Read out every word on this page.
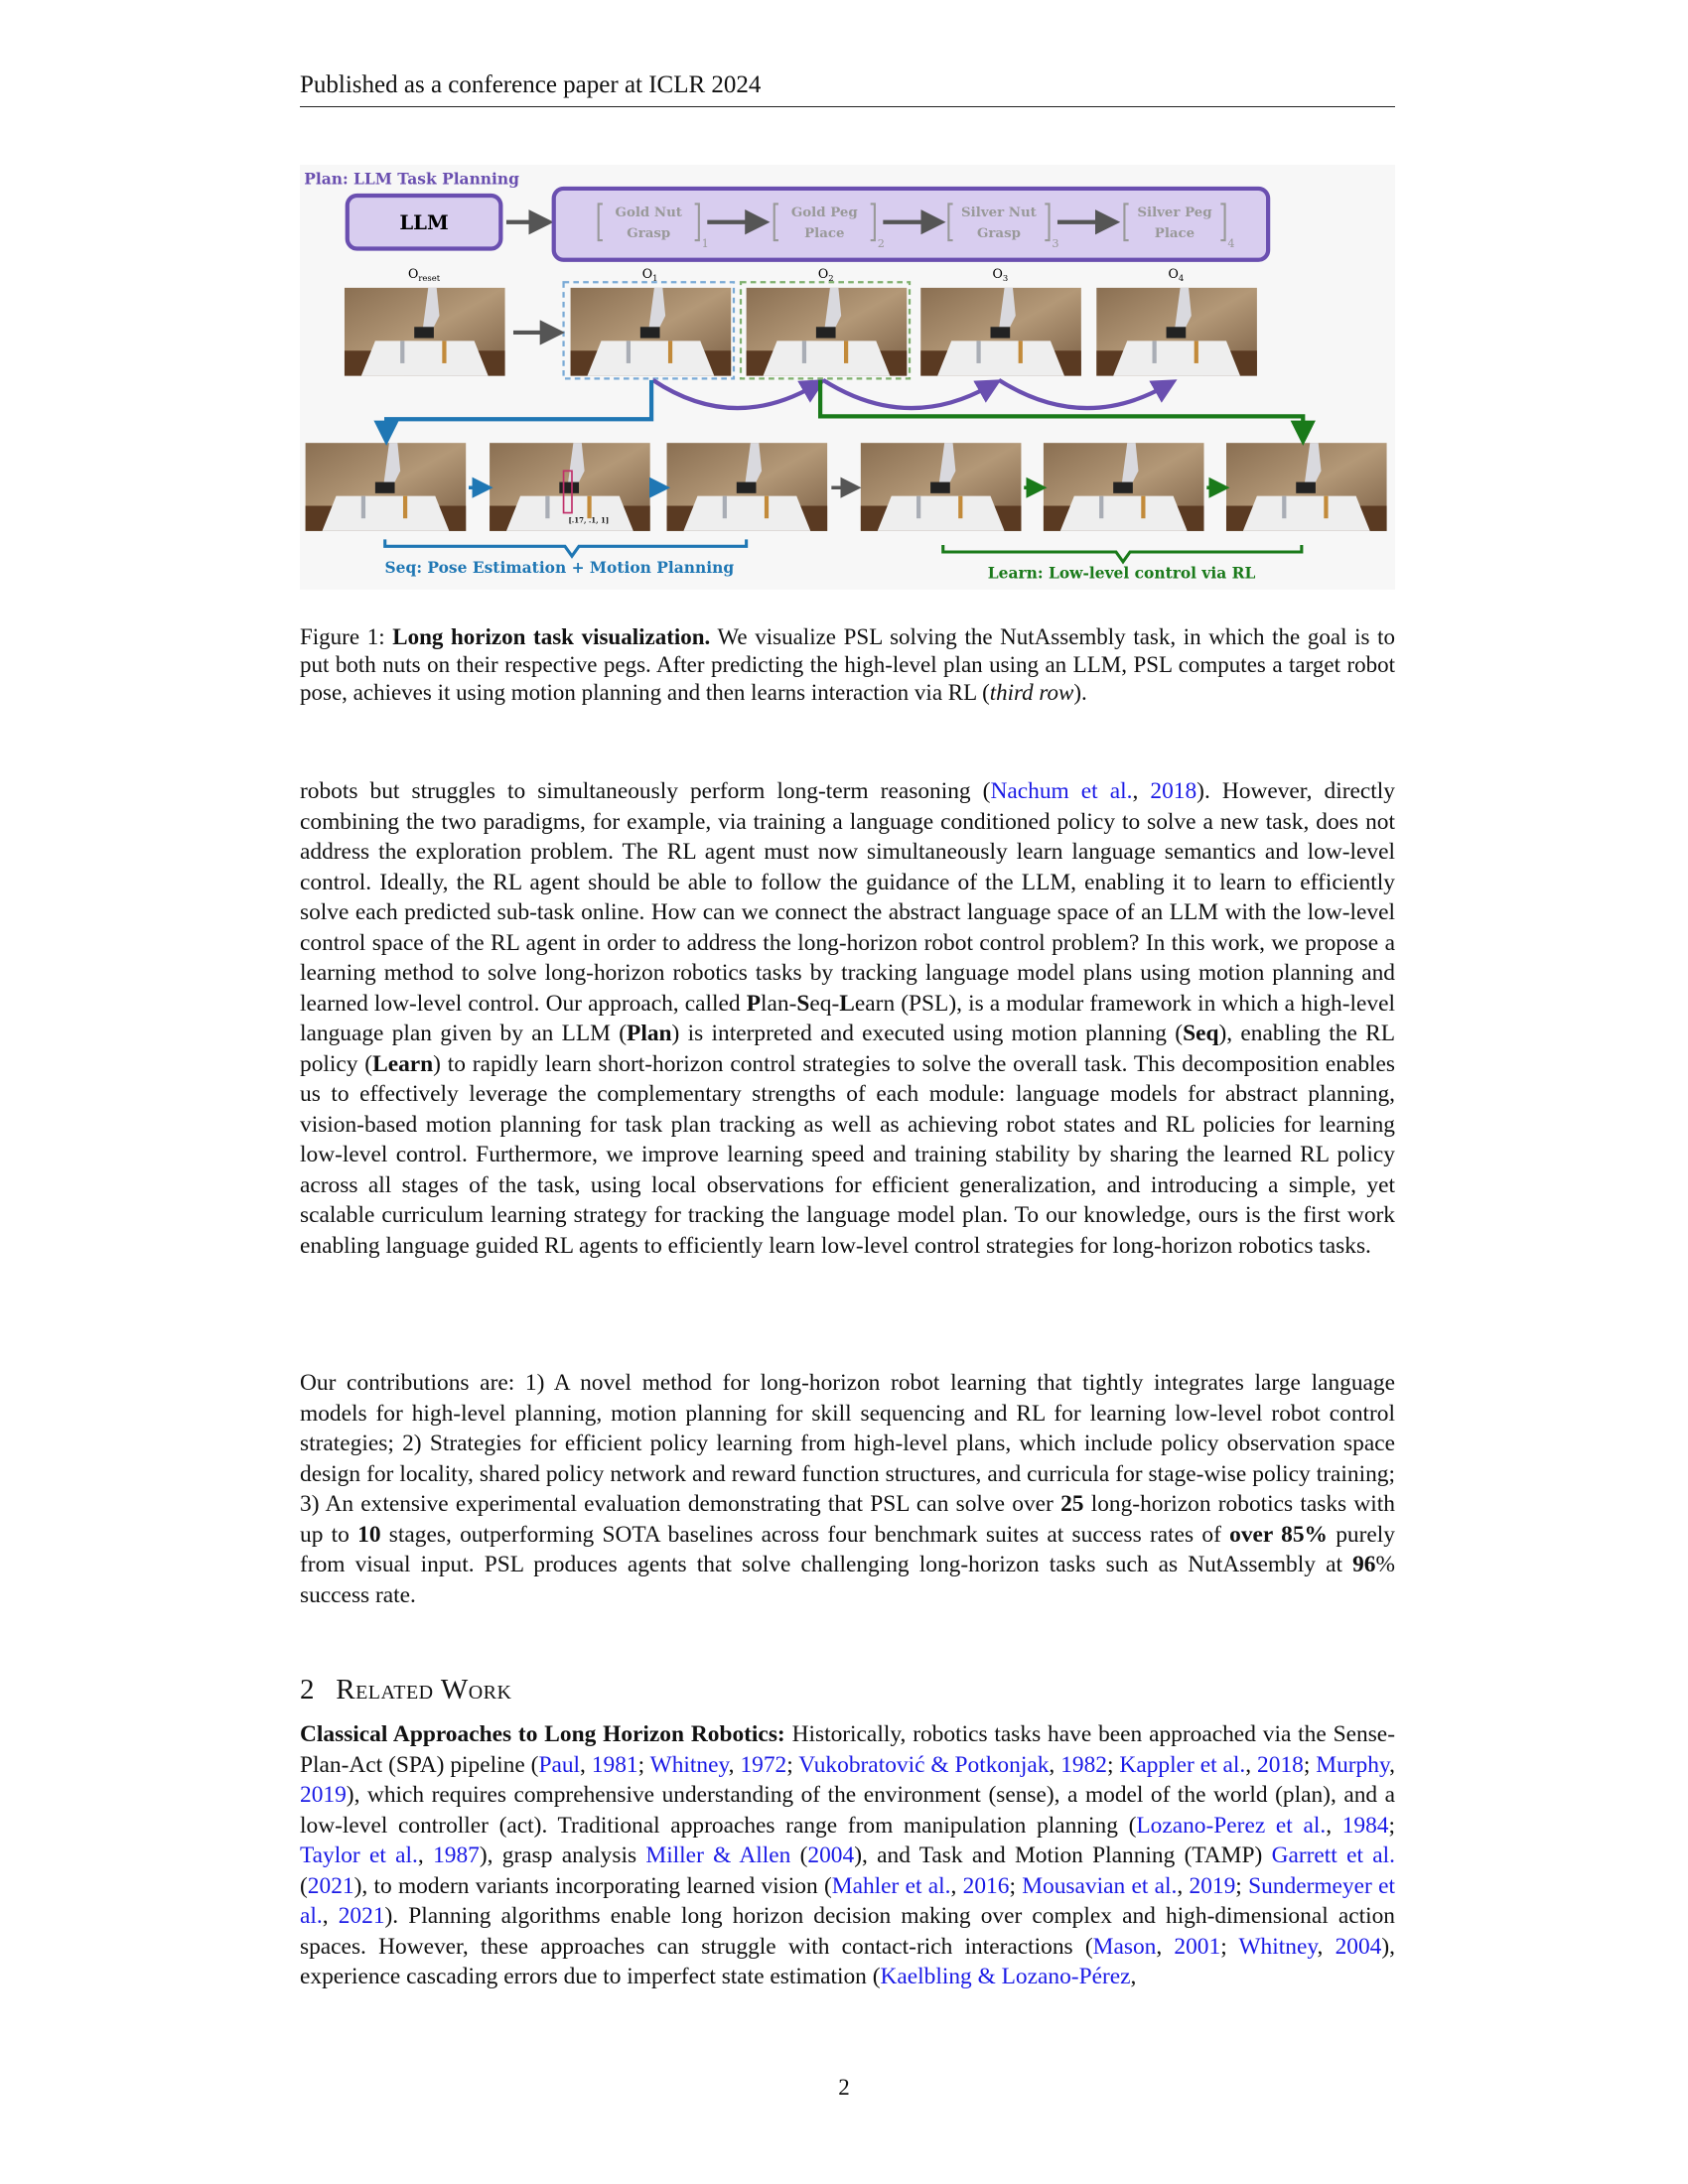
Published as a conference paper at ICLR 2024
Plan: LLM Task Planning
LLM	Gold Nut
Grasp
1
Gold Peg
Place
2
Silver Nut
Grasp
3
Silver Peg
Place
4
$O_{reset}$	$O_1$	$O_2$	$O_3$	$O_4$
[.17, .1, 1]
Seq: Pose Estimation + Motion Planning	Learn: Low-level control via RL
Figure 1: Long horizon task visualization. We visualize PSL solving the NutAssembly task, in which the goal is to put both nuts on their respective pegs. After predicting the high-level plan using an LLM, PSL computes a target robot pose, achieves it using motion planning and then learns interaction via RL (third row).
robots but struggles to simultaneously perform long-term reasoning (Nachum et al., 2018). However, directly combining the two paradigms, for example, via training a language conditioned policy to solve a new task, does not address the exploration problem. The RL agent must now simultaneously learn language semantics and low-level control. Ideally, the RL agent should be able to follow the guidance of the LLM, enabling it to learn to efficiently solve each predicted sub-task online. How can we connect the abstract language space of an LLM with the low-level control space of the RL agent in order to address the long-horizon robot control problem? In this work, we propose a learning method to solve long-horizon robotics tasks by tracking language model plans using motion planning and learned low-level control. Our approach, called Plan-Seq-Learn (PSL), is a modular framework in which a high-level language plan given by an LLM (Plan) is interpreted and executed using motion planning (Seq), enabling the RL policy (Learn) to rapidly learn short-horizon control strategies to solve the overall task. This decomposition enables us to effectively leverage the complementary strengths of each module: language models for abstract planning, vision-based motion planning for task plan tracking as well as achieving robot states and RL policies for learning low-level control. Furthermore, we improve learning speed and training stability by sharing the learned RL policy across all stages of the task, using local observations for efficient generalization, and introducing a simple, yet scalable curriculum learning strategy for tracking the language model plan. To our knowledge, ours is the first work enabling language guided RL agents to efficiently learn low-level control strategies for long-horizon robotics tasks.
Our contributions are: 1) A novel method for long-horizon robot learning that tightly integrates large language models for high-level planning, motion planning for skill sequencing and RL for learning low-level robot control strategies; 2) Strategies for efficient policy learning from high-level plans, which include policy observation space design for locality, shared policy network and reward function structures, and curricula for stage-wise policy training; 3) An extensive experimental evaluation demonstrating that PSL can solve over 25 long-horizon robotics tasks with up to 10 stages, outperforming SOTA baselines across four benchmark suites at success rates of over 85% purely from visual input. PSL produces agents that solve challenging long-horizon tasks such as NutAssembly at 96% success rate.
2 Related Work
Classical Approaches to Long Horizon Robotics: Historically, robotics tasks have been approached via the Sense-Plan-Act (SPA) pipeline (Paul, 1981; Whitney, 1972; Vukobratović & Potkonjak, 1982; Kappler et al., 2018; Murphy, 2019), which requires comprehensive understanding of the environment (sense), a model of the world (plan), and a low-level controller (act). Traditional approaches range from manipulation planning (Lozano-Perez et al., 1984; Taylor et al., 1987), grasp analysis Miller & Allen (2004), and Task and Motion Planning (TAMP) Garrett et al. (2021), to modern variants incorporating learned vision (Mahler et al., 2016; Mousavian et al., 2019; Sundermeyer et al., 2021). Planning algorithms enable long horizon decision making over complex and high-dimensional action spaces. However, these approaches can struggle with contact-rich interactions (Mason, 2001; Whitney, 2004), experience cascading errors due to imperfect state estimation (Kaelbling & Lozano-Pérez,
2
